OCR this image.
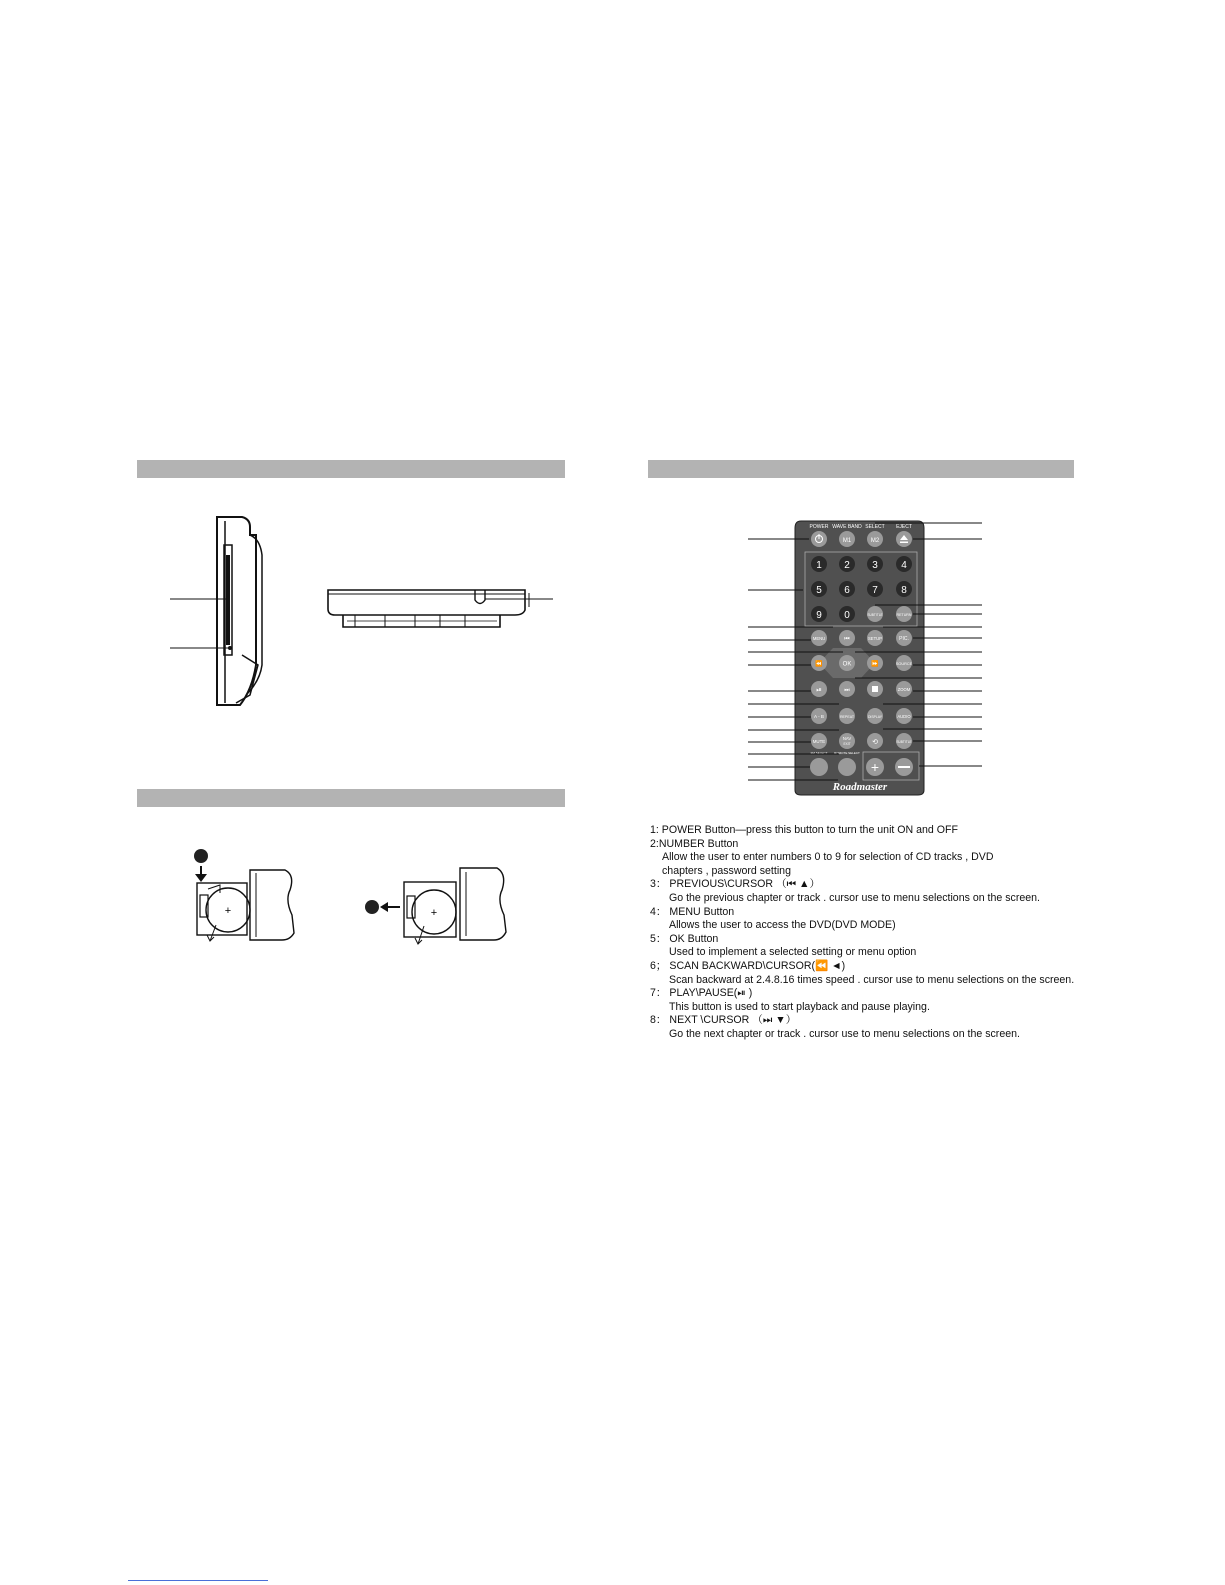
+	+
POWER WAVE BAND SELECT EJECT
M1	M2
1 2 3 4
5 6 7 8
9 0	SUBTITLE	RETURN
MENU	⏮	SETUP	PIC.
⏪	OK	⏩	SOURCE
⏯	⏭	ZOOM
A - B	REPEAT	DISPLAY	AUDIO
MUTE
NAV
EXIT	⟲	SUBTITLE
FM SELECT ROMOTE SELECT
+
Roadmaster
1: POWER Button—press this button to turn the unit ON and OFF
2:NUMBER Button
Allow the user to enter numbers 0 to 9 for selection of CD tracks , DVD chapters , password setting
3： PREVIOUS\CURSOR （⏮ ▲）
Go the previous chapter or track . cursor use to menu selections on the screen.
4： MENU Button
Allows the user to access the DVD(DVD MODE)
5： OK Button
Used to implement a selected setting or menu option
6； SCAN BACKWARD\CURSOR(⏪ ◄)
Scan backward at 2.4.8.16 times speed . cursor use to menu selections on the screen.
7： PLAY\PAUSE(⏯ )
This button is used to start playback and pause playing.
8： NEXT \CURSOR （⏭ ▼）
Go the next chapter or track . cursor use to menu selections on the screen.
